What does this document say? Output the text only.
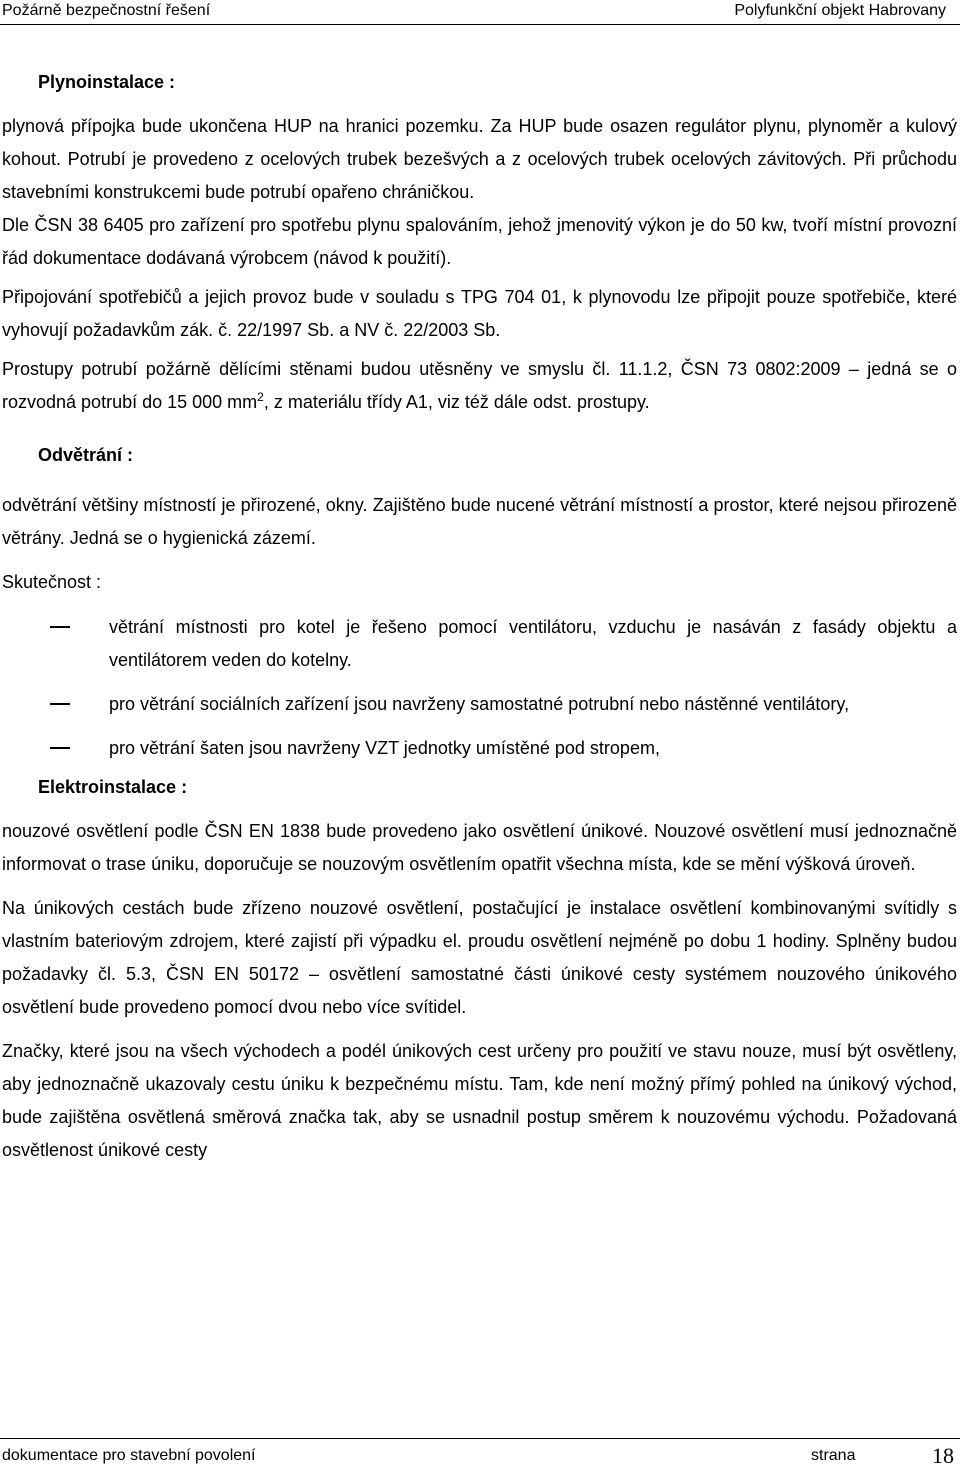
Požárně bezpečnostní řešení	Polyfunkční objekt Habrovany

Plynoinstalace :

plynová přípojka bude ukončena HUP na hranici pozemku. Za HUP bude osazen regulátor plynu, plynoměr a kulový kohout. Potrubí je provedeno z ocelových trubek bezešvých a z ocelových trubek ocelových závitových. Při průchodu stavebními konstrukcemi bude potrubí opařeno chráničkou.

Dle ČSN 38 6405 pro zařízení pro spotřebu plynu spalováním, jehož jmenovitý výkon je do 50 kw, tvoří místní provozní řád dokumentace dodávaná výrobcem (návod k použití).

Připojování spotřebičů a jejich provoz bude v souladu s TPG 704 01, k plynovodu lze připojit pouze spotřebiče, které vyhovují požadavkům zák. č. 22/1997 Sb. a NV č. 22/2003 Sb.

Prostupy potrubí požárně dělícími stěnami budou utěsněny ve smyslu čl. 11.1.2, ČSN 73 0802:2009 – jedná se o rozvodná potrubí do 15 000 $mm^2$, z materiálu třídy A1, viz též dále odst. prostupy.

Odvětrání :

odvětrání většiny místností je přirozené, okny. Zajištěno bude nucené větrání místností a prostor, které nejsou přirozeně větrány. Jedná se o hygienická zázemí.

Skutečnost :

větrání místnosti pro kotel je řešeno pomocí ventilátoru, vzduchu je nasáván z fasády objektu a ventilátorem veden do kotelny.
pro větrání sociálních zařízení jsou navrženy samostatné potrubní nebo nástěnné ventilátory,
pro větrání šaten jsou navrženy VZT jednotky umístěné pod stropem,

Elektroinstalace :

nouzové osvětlení podle ČSN EN 1838 bude provedeno jako osvětlení únikové. Nouzové osvětlení musí jednoznačně informovat o trase úniku, doporučuje se nouzovým osvětlením opatřit všechna místa, kde se mění výšková úroveň.

Na únikových cestách bude zřízeno nouzové osvětlení, postačující je instalace osvětlení kombinovanými svítidly s vlastním bateriovým zdrojem, které zajistí při výpadku el. proudu osvětlení nejméně po dobu 1 hodiny. Splněny budou požadavky čl. 5.3, ČSN EN 50172 – osvětlení samostatné části únikové cesty systémem nouzového únikového osvětlení bude provedeno pomocí dvou nebo více svítidel.

Značky, které jsou na všech východech a podél únikových cest určeny pro použití ve stavu nouze, musí být osvětleny, aby jednoznačně ukazovaly cestu úniku k bezpečnému místu. Tam, kde není možný přímý pohled na únikový východ, bude zajištěna osvětlená směrová značka tak, aby se usnadnil postup směrem k nouzovému východu. Požadovaná osvětlenost únikové cesty

dokumentace pro stavební povolení	strana	18
